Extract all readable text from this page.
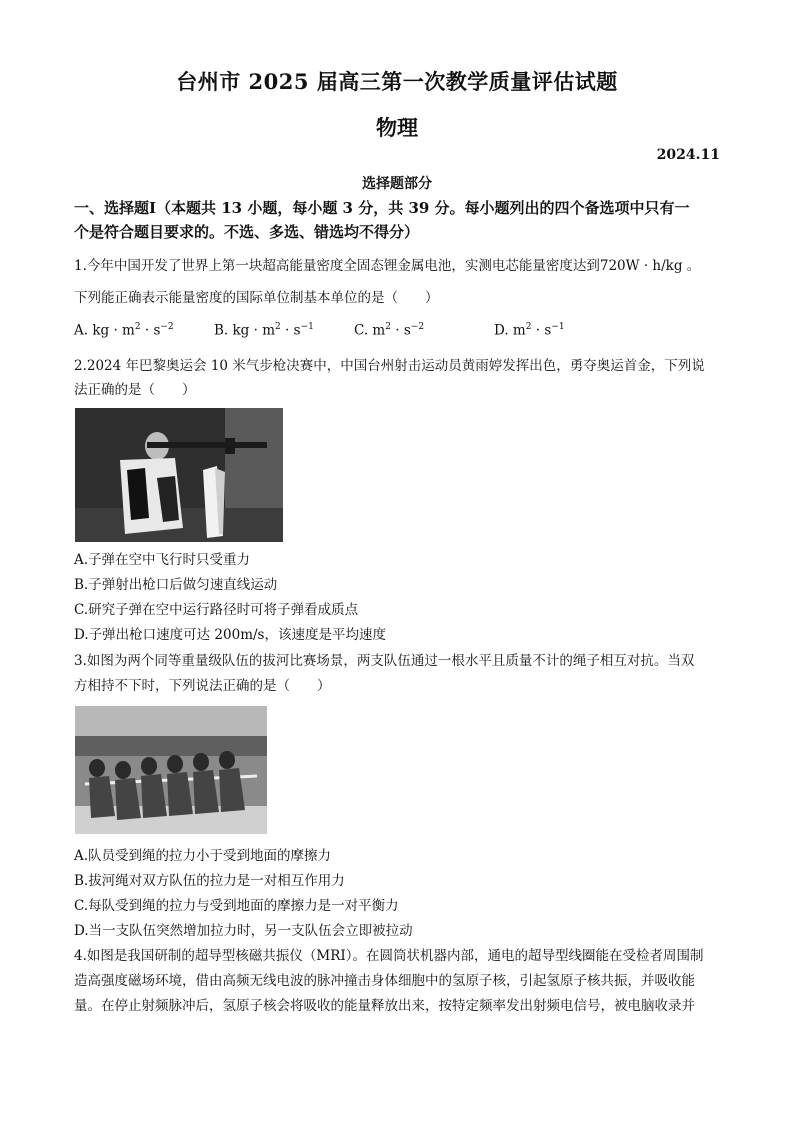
台州市 2025 届高三第一次教学质量评估试题
物理
2024.11
选择题部分
一、选择题Ⅰ（本题共 13 小题，每小题 3 分，共 39 分。每小题列出的四个备选项中只有一
个是符合题目要求的。不选、多选、错选均不得分）
1.今年中国开发了世界上第一块超高能量密度全固态锂金属电池，实测电芯能量密度达到720W · h/kg 。
下列能正确表示能量密度的国际单位制基本单位的是（　　）
A. kg · $m^2 \cdot s^{-2}$	B. kg · $m^2 \cdot s^{-1}$	C. $m^2 \cdot s^{-2}$	D. $m^2 \cdot s^{-1}$
2.2024 年巴黎奥运会 10 米气步枪决赛中，中国台州射击运动员黄雨婷发挥出色，勇夺奥运首金，下列说
法正确的是（　　）
A.子弹在空中飞行时只受重力
B.子弹射出枪口后做匀速直线运动
C.研究子弹在空中运行路径时可将子弹看成质点
D.子弹出枪口速度可达 200m/s，该速度是平均速度
3.如图为两个同等重量级队伍的拔河比赛场景，两支队伍通过一根水平且质量不计的绳子相互对抗。当双
方相持不下时，下列说法正确的是（　　）
A.队员受到绳的拉力小于受到地面的摩擦力
B.拔河绳对双方队伍的拉力是一对相互作用力
C.每队受到绳的拉力与受到地面的摩擦力是一对平衡力
D.当一支队伍突然增加拉力时，另一支队伍会立即被拉动
4.如图是我国研制的超导型核磁共振仪（MRI）。在圆筒状机器内部，通电的超导型线圈能在受检者周围制
造高强度磁场环境，借由高频无线电波的脉冲撞击身体细胞中的氢原子核，引起氢原子核共振，并吸收能
量。在停止射频脉冲后，氢原子核会将吸收的能量释放出来，按特定频率发出射频电信号，被电脑收录并
